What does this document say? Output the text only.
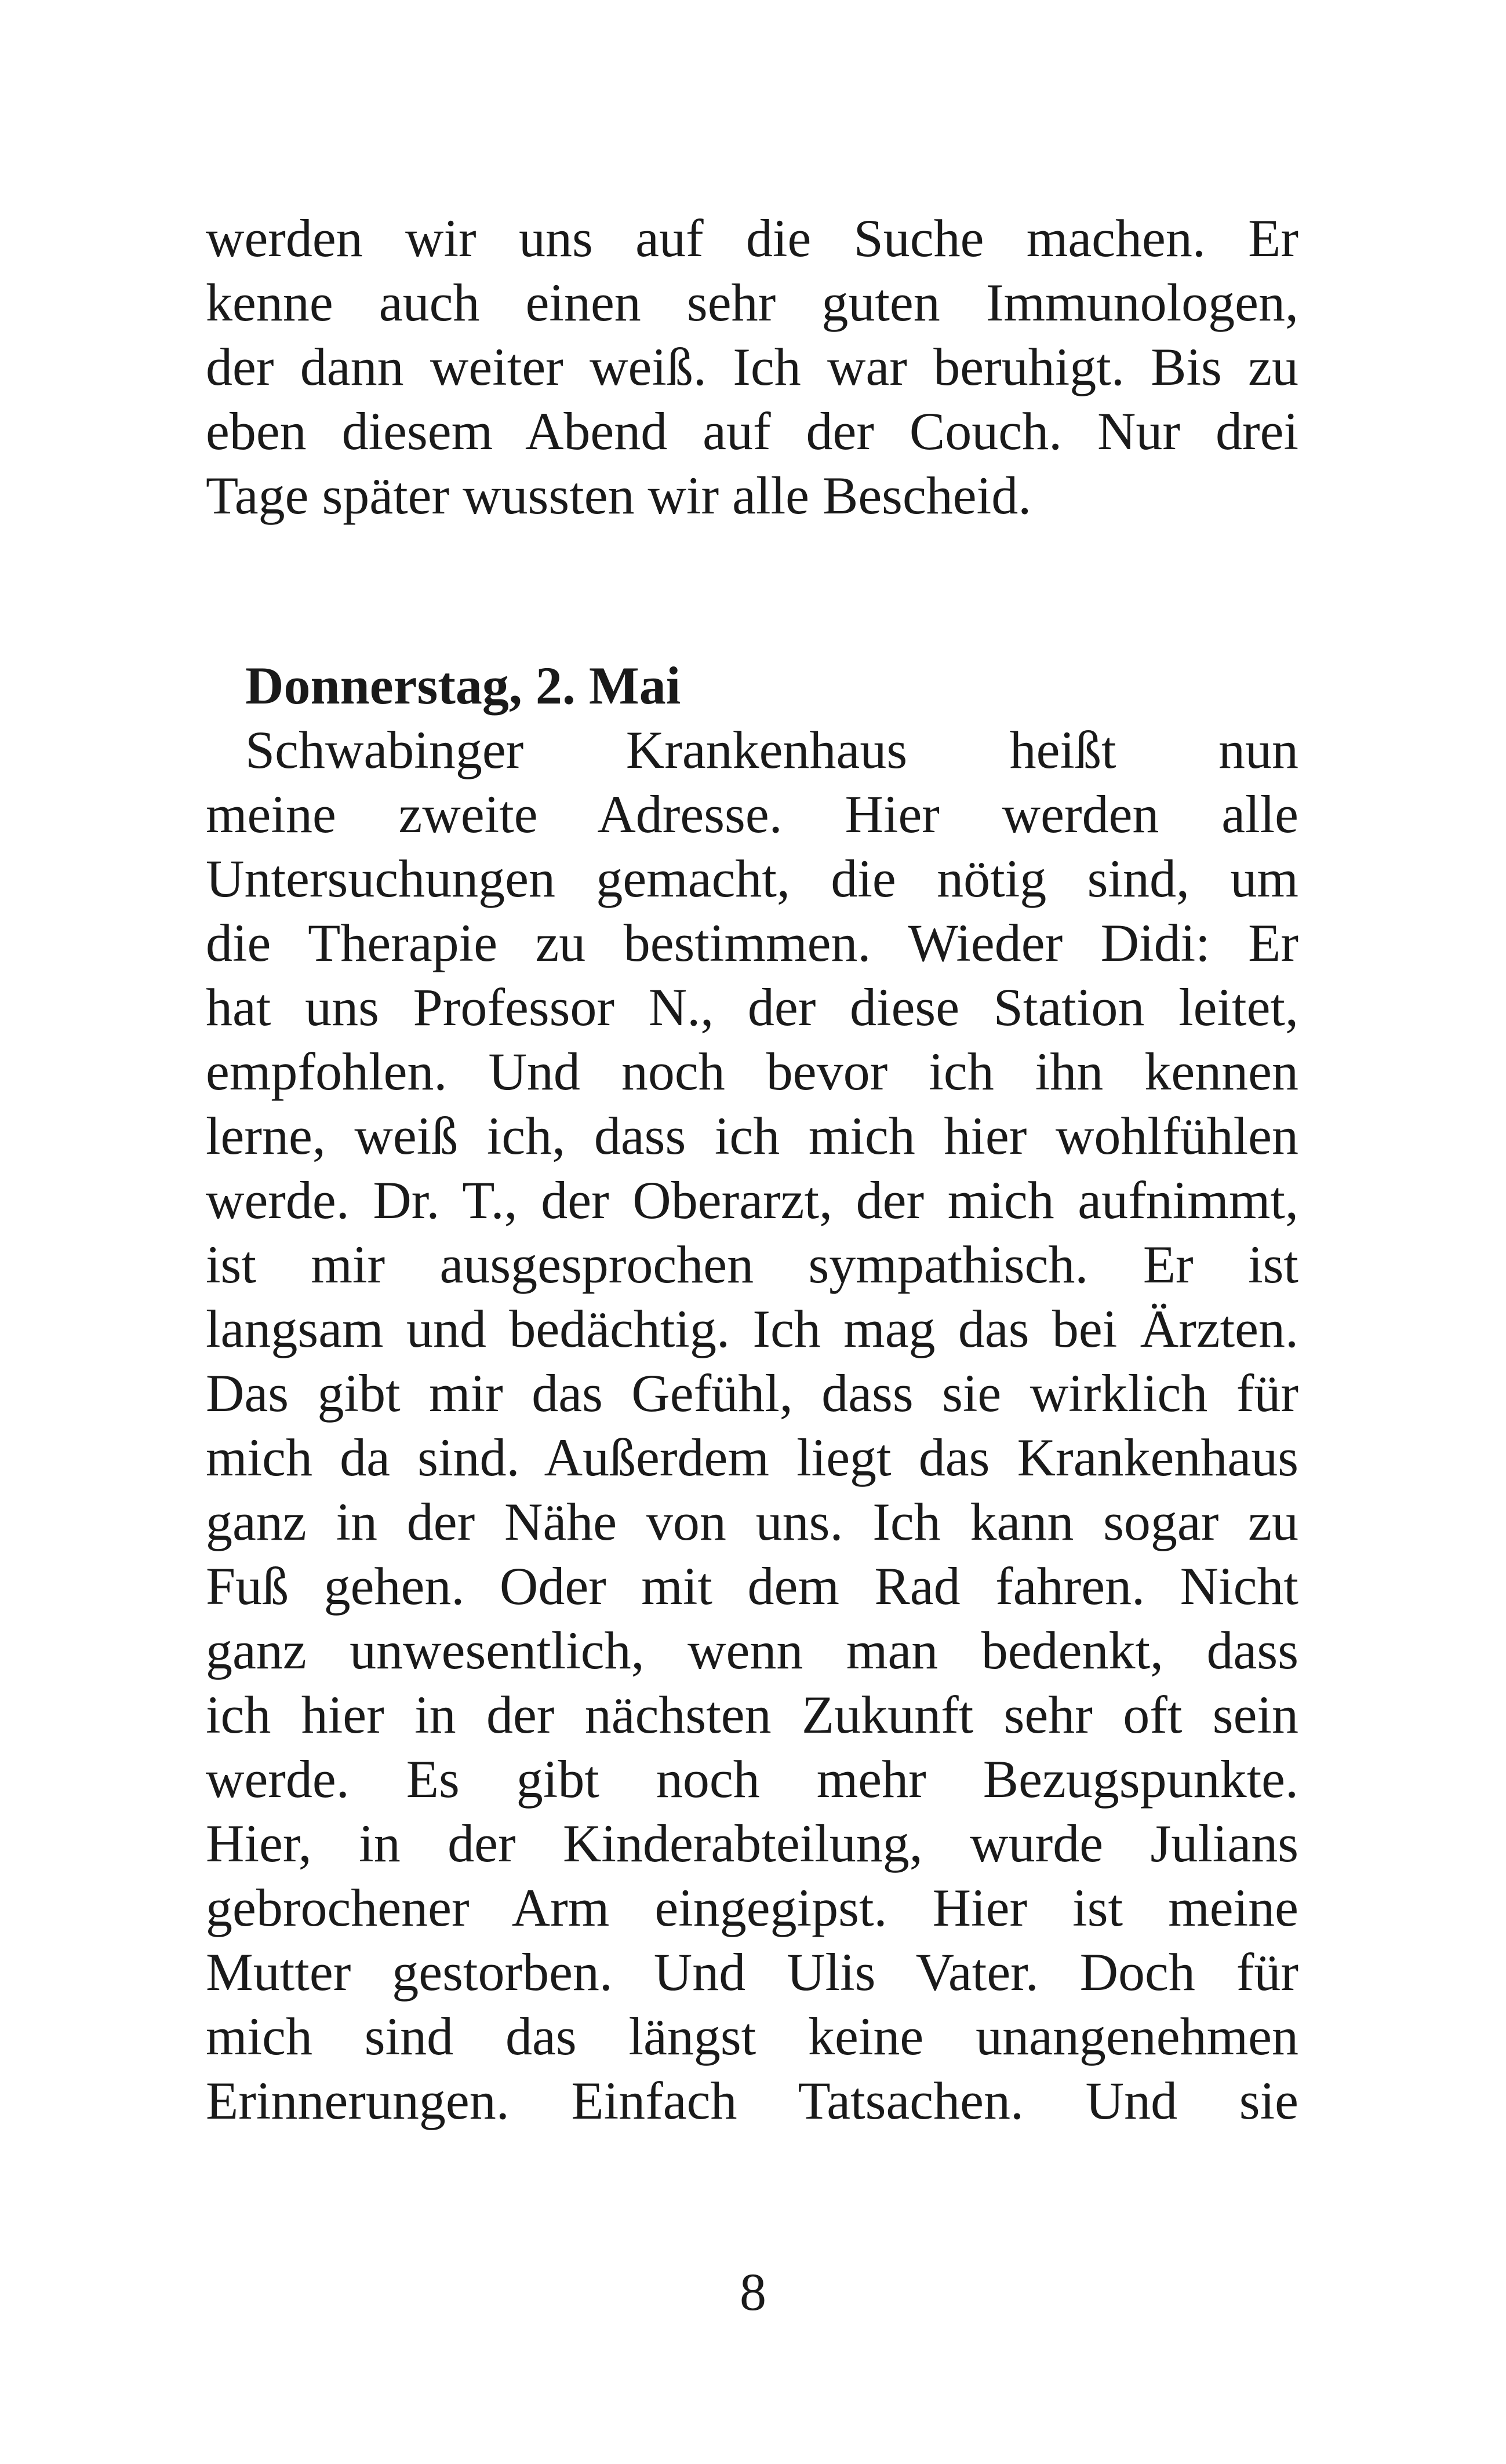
werden wir uns auf die Suche machen. Er
kenne auch einen sehr guten Immunologen,
der dann weiter weiß. Ich war beruhigt. Bis zu
eben diesem Abend auf der Couch. Nur drei
Tage später wussten wir alle Bescheid.
Donnerstag, 2. Mai
Schwabinger Krankenhaus heißt nun
meine zweite Adresse. Hier werden alle
Untersuchungen gemacht, die nötig sind, um
die Therapie zu bestimmen. Wieder Didi: Er
hat uns Professor N., der diese Station leitet,
empfohlen. Und noch bevor ich ihn kennen
lerne, weiß ich, dass ich mich hier wohlfühlen
werde. Dr. T., der Oberarzt, der mich aufnimmt,
ist mir ausgesprochen sympathisch. Er ist
langsam und bedächtig. Ich mag das bei Ärzten.
Das gibt mir das Gefühl, dass sie wirklich für
mich da sind. Außerdem liegt das Krankenhaus
ganz in der Nähe von uns. Ich kann sogar zu
Fuß gehen. Oder mit dem Rad fahren. Nicht
ganz unwesentlich, wenn man bedenkt, dass
ich hier in der nächsten Zukunft sehr oft sein
werde. Es gibt noch mehr Bezugspunkte.
Hier, in der Kinderabteilung, wurde Julians
gebrochener Arm eingegipst. Hier ist meine
Mutter gestorben. Und Ulis Vater. Doch für
mich sind das längst keine unangenehmen
Erinnerungen. Einfach Tatsachen. Und sie
8
